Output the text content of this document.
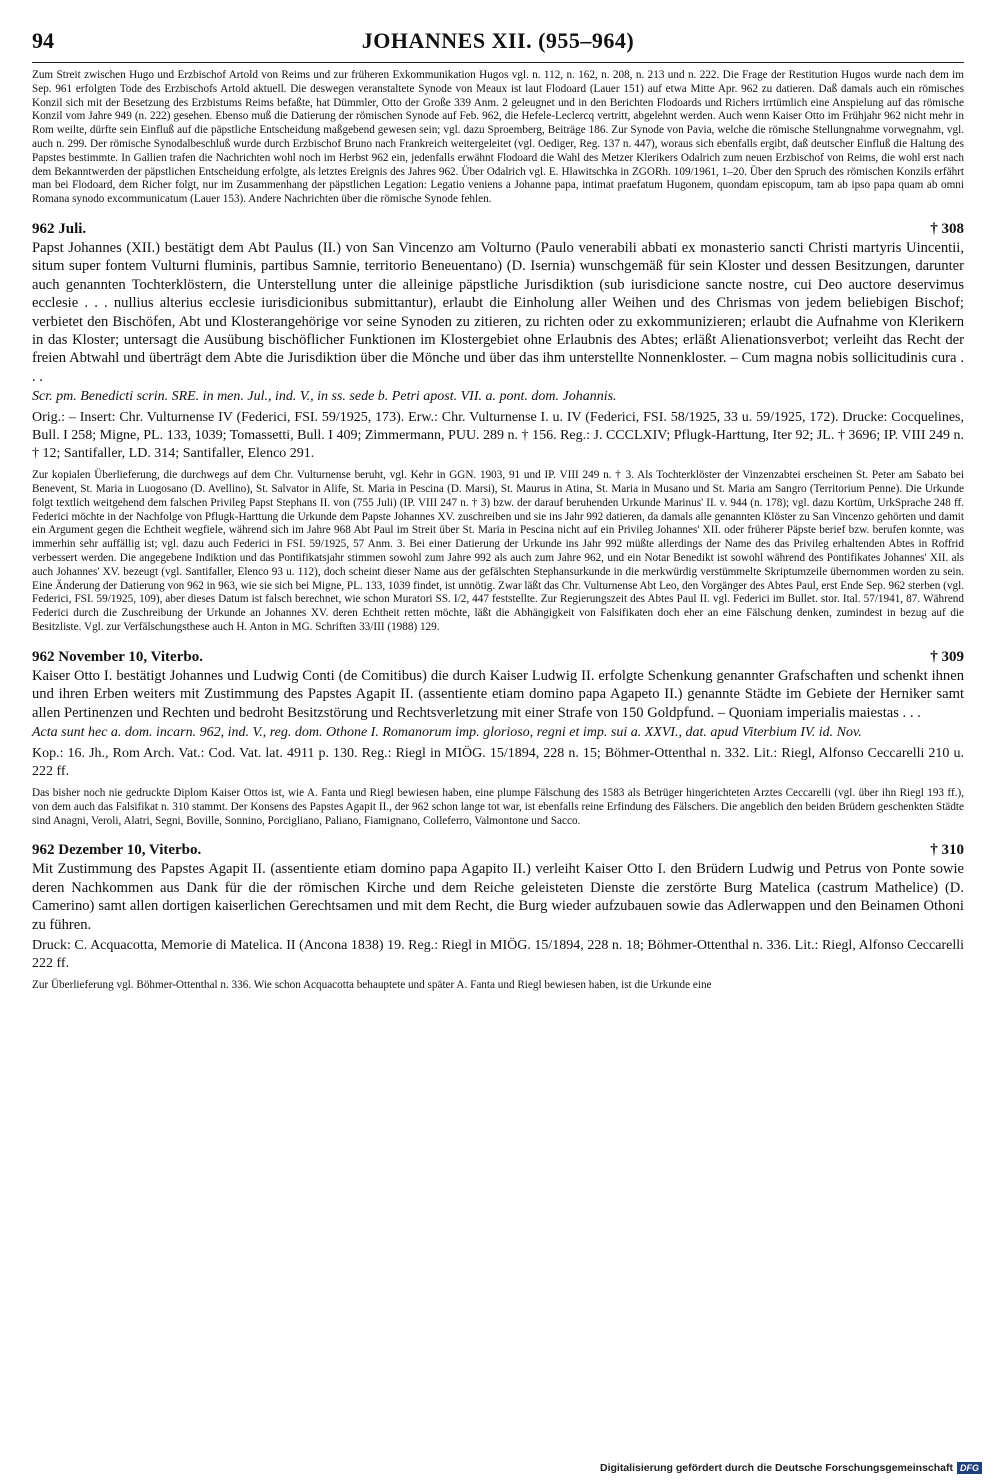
94	JOHANNES XII. (955–964)

Zum Streit zwischen Hugo und Erzbischof Artold von Reims und zur früheren Exkommunikation Hugos vgl. n. 112, n. 162, n. 208, n. 213 und n. 222. Die Frage der Restitution Hugos wurde nach dem im Sep. 961 erfolgten Tode des Erzbischofs Artold aktuell. Die deswegen veranstaltete Synode von Meaux ist laut Flodoard (Lauer 151) auf etwa Mitte Apr. 962 zu datieren. Daß damals auch ein römisches Konzil sich mit der Besetzung des Erzbistums Reims befaßte, hat Dümmler, Otto der Große 339 Anm. 2 geleugnet und in den Berichten Flodoards und Richers irrtümlich eine Anspielung auf das römische Konzil vom Jahre 949 (n. 222) gesehen. Ebenso muß die Datierung der römischen Synode auf Feb. 962, die Hefele-Leclercq vertritt, abgelehnt werden. Auch wenn Kaiser Otto im Frühjahr 962 nicht mehr in Rom weilte, dürfte sein Einfluß auf die päpstliche Entscheidung maßgebend gewesen sein; vgl. dazu Sproemberg, Beiträge 186. Zur Synode von Pavia, welche die römische Stellungnahme vorwegnahm, vgl. auch n. 299. Der römische Synodalbeschluß wurde durch Erzbischof Bruno nach Frankreich weitergeleitet (vgl. Oediger, Reg. 137 n. 447), woraus sich ebenfalls ergibt, daß deutscher Einfluß die Haltung des Papstes bestimmte. In Gallien trafen die Nachrichten wohl noch im Herbst 962 ein, jedenfalls erwähnt Flodoard die Wahl des Metzer Klerikers Odalrich zum neuen Erzbischof von Reims, die wohl erst nach dem Bekanntwerden der päpstlichen Entscheidung erfolgte, als letztes Ereignis des Jahres 962. Über Odalrich vgl. E. Hlawitschka in ZGORh. 109/1961, 1–20. Über den Spruch des römischen Konzils erfährt man bei Flodoard, dem Richer folgt, nur im Zusammenhang der päpstlichen Legation: Legatio veniens a Johanne papa, intimat praefatum Hugonem, quondam episcopum, tam ab ipso papa quam ab omni Romana synodo excommunicatum (Lauer 153). Andere Nachrichten über die römische Synode fehlen.

962 Juli.	† 308

Papst Johannes (XII.) bestätigt dem Abt Paulus (II.) von San Vincenzo am Volturno (Paulo venerabili abbati ex monasterio sancti Christi martyris Uincentii, situm super fontem Vulturni fluminis, partibus Samnie, territorio Beneuentano) (D. Isernia) wunschgemäß für sein Kloster und dessen Besitzungen, darunter auch genannten Tochterklöstern, die Unterstellung unter die alleinige päpstliche Jurisdiktion (sub iurisdicione sancte nostre, cui Deo auctore deservimus ecclesie . . . nullius alterius ecclesie iurisdicionibus submittantur), erlaubt die Einholung aller Weihen und des Chrismas von jedem beliebigen Bischof; verbietet den Bischöfen, Abt und Klosterangehörige vor seine Synoden zu zitieren, zu richten oder zu exkommunizieren; erlaubt die Aufnahme von Klerikern in das Kloster; untersagt die Ausübung bischöflicher Funktionen im Klostergebiet ohne Erlaubnis des Abtes; erläßt Alienationsverbot; verleiht das Recht der freien Abtwahl und überträgt dem Abte die Jurisdiktion über die Mönche und über das ihm unterstellte Nonnenkloster. – Cum magna nobis sollicitudinis cura . . .

Scr. pm. Benedicti scrin. SRE. in men. Jul., ind. V., in ss. sede b. Petri apost. VII. a. pont. dom. Johannis.

Orig.: – Insert: Chr. Vulturnense IV (Federici, FSI. 59/1925, 173). Erw.: Chr. Vulturnense I. u. IV (Federici, FSI. 58/1925, 33 u. 59/1925, 172). Drucke: Cocquelines, Bull. I 258; Migne, PL. 133, 1039; Tomassetti, Bull. I 409; Zimmermann, PUU. 289 n. † 156. Reg.: J. CCCLXIV; Pflugk-Harttung, Iter 92; JL. † 3696; IP. VIII 249 n. † 12; Santifaller, LD. 314; Santifaller, Elenco 291.

Zur kopialen Überlieferung, die durchwegs auf dem Chr. Vulturnense beruht, vgl. Kehr in GGN. 1903, 91 und IP. VIII 249 n. † 3. Als Tochterklöster der Vinzenzabtei erscheinen St. Peter am Sabato bei Benevent, St. Maria in Luogosano (D. Avellino), St. Salvator in Alife, St. Maria in Pescina (D. Marsi), St. Maurus in Atina, St. Maria in Musano und St. Maria am Sangro (Territorium Penne). Die Urkunde folgt textlich weitgehend dem falschen Privileg Papst Stephans II. von (755 Juli) (IP. VIII 247 n. † 3) bzw. der darauf beruhenden Urkunde Marinus' II. v. 944 (n. 178); vgl. dazu Kortüm, UrkSprache 248 ff. Federici möchte in der Nachfolge von Pflugk-Harttung die Urkunde dem Papste Johannes XV. zuschreiben und sie ins Jahr 992 datieren, da damals alle genannten Klöster zu San Vincenzo gehörten und damit ein Argument gegen die Echtheit wegfiele, während sich im Jahre 968 Abt Paul im Streit über St. Maria in Pescina nicht auf ein Privileg Johannes' XII. oder früherer Päpste berief bzw. berufen konnte, was immerhin sehr auffällig ist; vgl. dazu auch Federici in FSI. 59/1925, 57 Anm. 3. Bei einer Datierung der Urkunde ins Jahr 992 müßte allerdings der Name des das Privileg erhaltenden Abtes in Roffrid verbessert werden. Die angegebene Indiktion und das Pontifikatsjahr stimmen sowohl zum Jahre 992 als auch zum Jahre 962, und ein Notar Benedikt ist sowohl während des Pontifikates Johannes' XII. als auch Johannes' XV. bezeugt (vgl. Santifaller, Elenco 93 u. 112), doch scheint dieser Name aus der gefälschten Stephansurkunde in die merkwürdig verstümmelte Skriptumzeile übernommen worden zu sein. Eine Änderung der Datierung von 962 in 963, wie sie sich bei Migne, PL. 133, 1039 findet, ist unnötig. Zwar läßt das Chr. Vulturnense Abt Leo, den Vorgänger des Abtes Paul, erst Ende Sep. 962 sterben (vgl. Federici, FSI. 59/1925, 109), aber dieses Datum ist falsch berechnet, wie schon Muratori SS. I/2, 447 feststellte. Zur Regierungszeit des Abtes Paul II. vgl. Federici im Bullet. stor. Ital. 57/1941, 87. Während Federici durch die Zuschreibung der Urkunde an Johannes XV. deren Echtheit retten möchte, läßt die Abhängigkeit von Falsifikaten doch eher an eine Fälschung denken, zumindest in bezug auf die Besitzliste. Vgl. zur Verfälschungsthese auch H. Anton in MG. Schriften 33/III (1988) 129.

962 November 10, Viterbo.	† 309

Kaiser Otto I. bestätigt Johannes und Ludwig Conti (de Comitibus) die durch Kaiser Ludwig II. erfolgte Schenkung genannter Grafschaften und schenkt ihnen und ihren Erben weiters mit Zustimmung des Papstes Agapit II. (assentiente etiam domino papa Agapeto II.) genannte Städte im Gebiete der Herniker samt allen Pertinenzen und Rechten und bedroht Besitzstörung und Rechtsverletzung mit einer Strafe von 150 Goldpfund. – Quoniam imperialis maiestas . . .

Acta sunt hec a. dom. incarn. 962, ind. V., reg. dom. Othone I. Romanorum imp. glorioso, regni et imp. sui a. XXVI., dat. apud Viterbium IV. id. Nov.

Kop.: 16. Jh., Rom Arch. Vat.: Cod. Vat. lat. 4911 p. 130. Reg.: Riegl in MIÖG. 15/1894, 228 n. 15; Böhmer-Ottenthal n. 332. Lit.: Riegl, Alfonso Ceccarelli 210 u. 222 ff.

Das bisher noch nie gedruckte Diplom Kaiser Ottos ist, wie A. Fanta und Riegl bewiesen haben, eine plumpe Fälschung des 1583 als Betrüger hingerichteten Arztes Ceccarelli (vgl. über ihn Riegl 193 ff.), von dem auch das Falsifikat n. 310 stammt. Der Konsens des Papstes Agapit II., der 962 schon lange tot war, ist ebenfalls reine Erfindung des Fälschers. Die angeblich den beiden Brüdern geschenkten Städte sind Anagni, Veroli, Alatri, Segni, Boville, Sonnino, Porcigliano, Paliano, Fiamignano, Colleferro, Valmontone und Sacco.

962 Dezember 10, Viterbo.	† 310

Mit Zustimmung des Papstes Agapit II. (assentiente etiam domino papa Agapito II.) verleiht Kaiser Otto I. den Brüdern Ludwig und Petrus von Ponte sowie deren Nachkommen aus Dank für die der römischen Kirche und dem Reiche geleisteten Dienste die zerstörte Burg Matelica (castrum Mathelice) (D. Camerino) samt allen dortigen kaiserlichen Gerechtsamen und mit dem Recht, die Burg wieder aufzubauen sowie das Adlerwappen und den Beinamen Othoni zu führen.

Druck: C. Acquacotta, Memorie di Matelica. II (Ancona 1838) 19. Reg.: Riegl in MIÖG. 15/1894, 228 n. 18; Böhmer-Ottenthal n. 336. Lit.: Riegl, Alfonso Ceccarelli 222 ff.

Zur Überlieferung vgl. Böhmer-Ottenthal n. 336. Wie schon Acquacotta behauptete und später A. Fanta und Riegl bewiesen haben, ist die Urkunde eine

Digitalisierung gefördert durch die Deutsche Forschungsgemeinschaft DFG
